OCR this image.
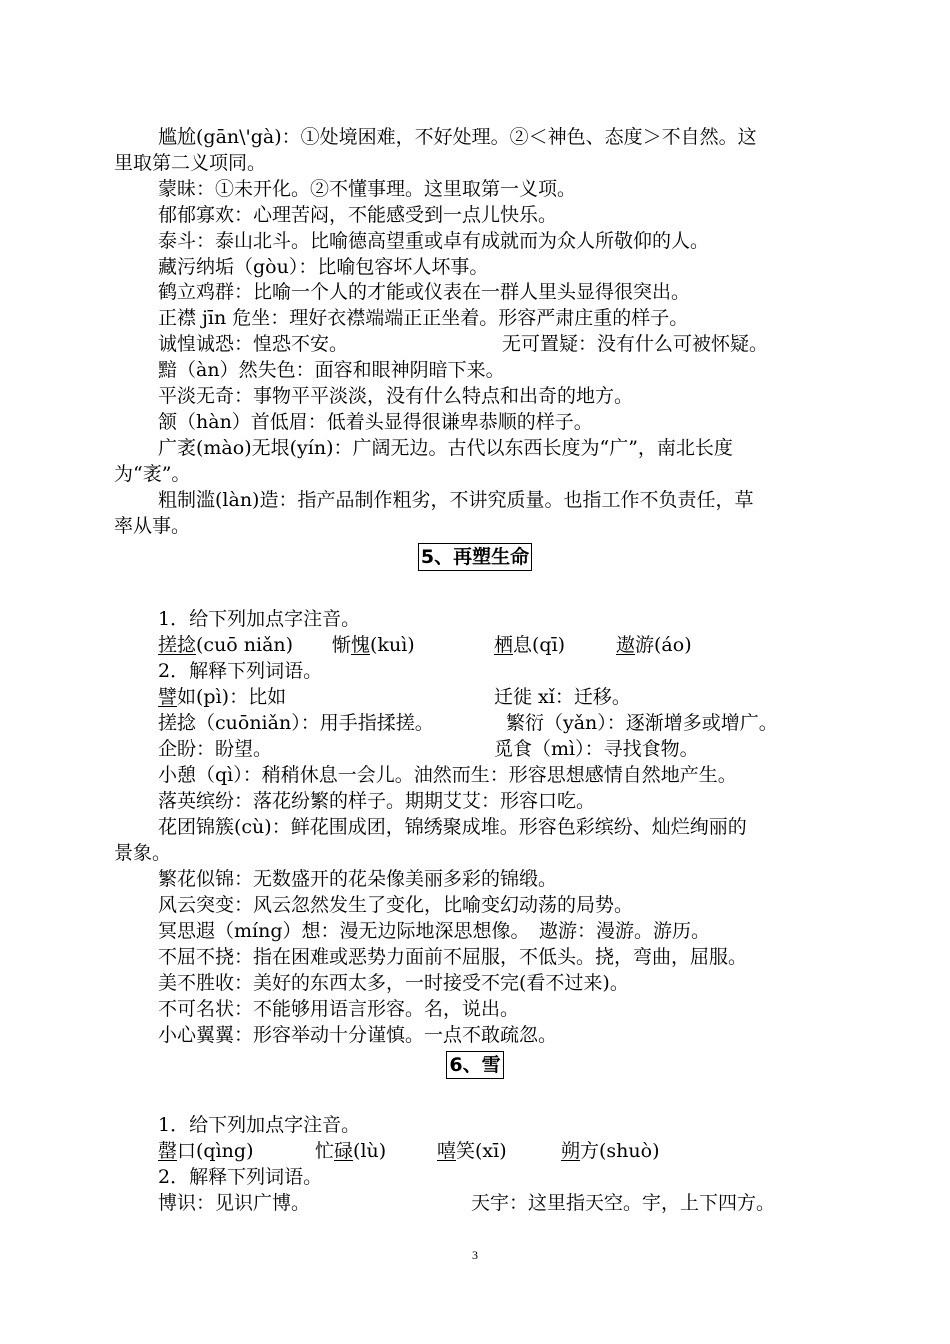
尴尬(gān\'gà)：①处境困难，不好处理。②＜神色、态度＞不自然。这
里取第二义项同。
蒙昧：①未开化。②不懂事理。这里取第一义项。
郁郁寡欢：心理苦闷，不能感受到一点儿快乐。
泰斗：泰山北斗。比喻德高望重或卓有成就而为众人所敬仰的人。
藏污纳垢（gòu）：比喻包容坏人坏事。
鹤立鸡群：比喻一个人的才能或仪表在一群人里头显得很突出。
正襟 jīn 危坐：理好衣襟端端正正坐着。形容严肃庄重的样子。
诚惶诚恐：惶恐不安。	无可置疑：没有什么可被怀疑。
黯（àn）然失色：面容和眼神阴暗下来。
平淡无奇：事物平平淡淡，没有什么特点和出奇的地方。
颔（hàn）首低眉：低着头显得很谦卑恭顺的样子。
广袤(mào)无垠(yín)：广阔无边。古代以东西长度为“广”，南北长度
为“袤”。
粗制滥(làn)造：指产品制作粗劣，不讲究质量。也指工作不负责任，草
率从事。
5、再塑生命
1．给下列加点字注音。
搓捻(cuō niǎn) 惭愧(kuì)	栖息(qī)	遨游(áo)
2．解释下列词语。
譬如(pì)：比如	迁徙 xǐ：迁移。
搓捻（cuōniǎn）：用手指揉搓。	繁衍（yǎn）：逐渐增多或增广。
企盼：盼望。	觅食（mì）：寻找食物。
小憩（qì）：稍稍休息一会儿。油然而生：形容思想感情自然地产生。
落英缤纷：落花纷繁的样子。期期艾艾：形容口吃。
花团锦簇(cù)：鲜花围成团，锦绣聚成堆。形容色彩缤纷、灿烂绚丽的
景象。
繁花似锦：无数盛开的花朵像美丽多彩的锦缎。
风云突变：风云忽然发生了变化，比喻变幻动荡的局势。
冥思遐（míng）想：漫无边际地深思想像。　遨游：漫游。游历。
不屈不挠：指在困难或恶势力面前不屈服，不低头。挠，弯曲，屈服。
美不胜收：美好的东西太多，一时接受不完(看不过来)。
不可名状：不能够用语言形容。名，说出。
小心翼翼：形容举动十分谨慎。一点不敢疏忽。
6、雪
1．给下列加点字注音。
罄口(qìng)	忙碌(lù)	嘻笑(xī)	朔方(shuò)
2．解释下列词语。
博识：见识广博。	天宇：这里指天空。宇，上下四方。
3
